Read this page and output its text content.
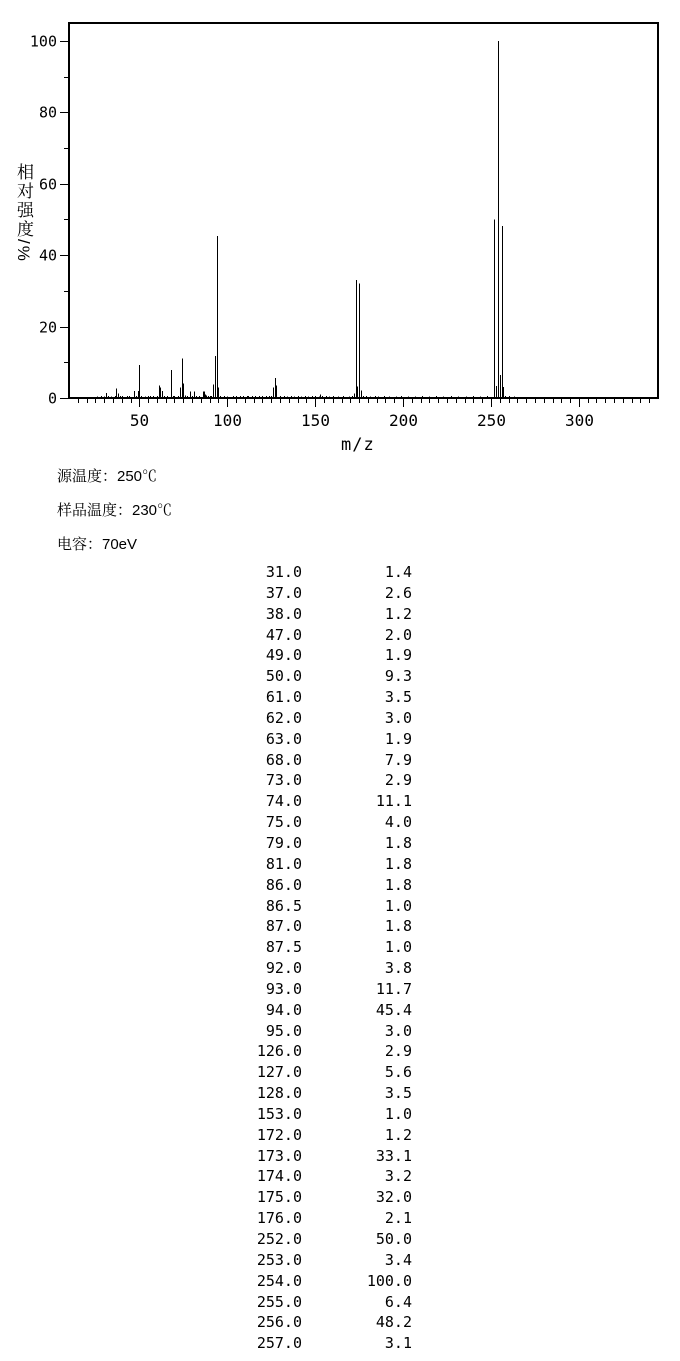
50	100	150	200	250	300
0
20
40
60
80
100
相对强度/%
m/z
源温度：250℃
样品温度：230℃
电容：70eV
31.0	1.4
37.0	2.6
38.0	1.2
47.0	2.0
49.0	1.9
50.0	9.3
61.0	3.5
62.0	3.0
63.0	1.9
68.0	7.9
73.0	2.9
74.0	11.1
75.0	4.0
79.0	1.8
81.0	1.8
86.0	1.8
86.5	1.0
87.0	1.8
87.5	1.0
92.0	3.8
93.0	11.7
94.0	45.4
95.0	3.0
126.0	2.9
127.0	5.6
128.0	3.5
153.0	1.0
172.0	1.2
173.0	33.1
174.0	3.2
175.0	32.0
176.0	2.1
252.0	50.0
253.0	3.4
254.0	100.0
255.0	6.4
256.0	48.2
257.0	3.1
